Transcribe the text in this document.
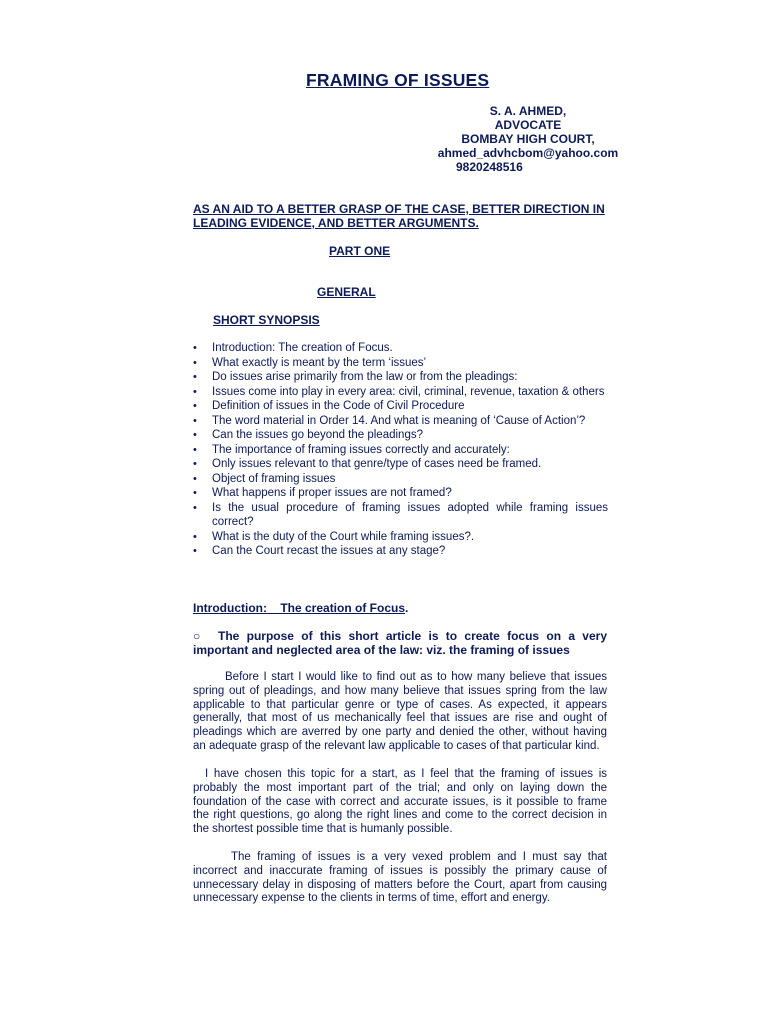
FRAMING OF ISSUES
S. A. AHMED,
ADVOCATE
BOMBAY HIGH COURT,
ahmed_advhcbom@yahoo.com
9820248516

AS AN AID TO A BETTER GRASP OF THE CASE, BETTER DIRECTION IN LEADING EVIDENCE, AND BETTER ARGUMENTS.

PART ONE

GENERAL

SHORT SYNOPSIS

• Introduction: The creation of Focus.
• What exactly is meant by the term ‘issues’
• Do issues arise primarily from the law or from the pleadings:
• Issues come into play in every area: civil, criminal, revenue, taxation & others
• Definition of issues in the Code of Civil Procedure
• The word material in Order 14. And what is meaning of ‘Cause of Action’?
• Can the issues go beyond the pleadings?
• The importance of framing issues correctly and accurately:
• Only issues relevant to that genre/type of cases need be framed.
• Object of framing issues
• What happens if proper issues are not framed?
• Is the usual procedure of framing issues adopted while framing issues correct?
• What is the duty of the Court while framing issues?.
• Can the Court recast the issues at any stage?

Introduction: The creation of Focus.

○ The purpose of this short article is to create focus on a very important and neglected area of the law: viz. the framing of issues

Before I start I would like to find out as to how many believe that issues spring out of pleadings, and how many believe that issues spring from the law applicable to that particular genre or type of cases. As expected, it appears generally, that most of us mechanically feel that issues are rise and ought of pleadings which are averred by one party and denied the other, without having an adequate grasp of the relevant law applicable to cases of that particular kind.

I have chosen this topic for a start, as I feel that the framing of issues is probably the most important part of the trial; and only on laying down the foundation of the case with correct and accurate issues, is it possible to frame the right questions, go along the right lines and come to the correct decision in the shortest possible time that is humanly possible.

The framing of issues is a very vexed problem and I must say that incorrect and inaccurate framing of issues is possibly the primary cause of unnecessary delay in disposing of matters before the Court, apart from causing unnecessary expense to the clients in terms of time, effort and energy.
